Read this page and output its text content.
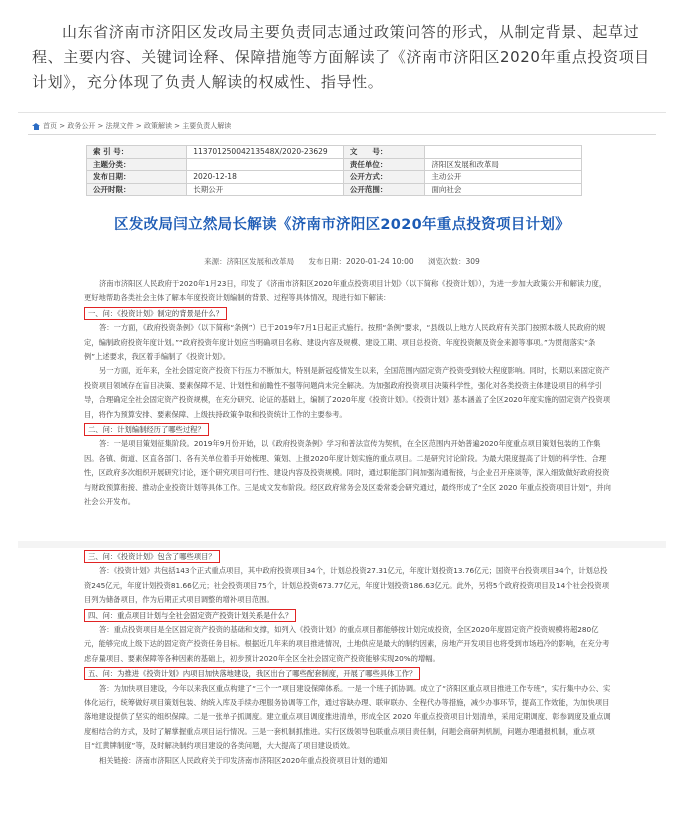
山东省济南市济阳区发改局主要负责同志通过政策问答的形式，从制定背景、起草过程、主要内容、关键词诠释、保障措施等方面解读了《济南市济阳区2020年重点投资项目计划》，充分体现了负责人解读的权威性、指导性。
首页 > 政务公开 > 法规文件 > 政策解读 > 主要负责人解读
索 引 号：	11370125004213548X/2020-23629	文　　号：	
主题分类：		责任单位：	济阳区发展和改革局
发布日期：	2020-12-18	公开方式：	主动公开
公开时限：	长期公开	公开范围：	面向社会
区发改局闫立然局长解读《济南市济阳区2020年重点投资项目计划》
来源：济阳区发展和改革局 发布日期：2020-01-24 10:00 浏览次数：309

济南市济阳区人民政府于2020年1月23日，印发了《济南市济阳区2020年重点投资项目计划》（以下简称《投资计划》），为进一步加大政策公开和解读力度，更好地帮助各类社会主体了解本年度投资计划编制的背景、过程等具体情况，现进行如下解读：

一、问：《投资计划》制定的背景是什么？

答：一方面，《政府投资条例》（以下简称“条例”）已于2019年7月1日起正式施行。按照“条例”要求，“县级以上地方人民政府有关部门按照本级人民政府的规定，编制政府投资年度计划。”“政府投资年度计划应当明确项目名称、建设内容及规模、建设工期、项目总投资、年度投资额及资金来源等事项。”为贯彻落实“条例”上述要求，我区着手编制了《投资计划》。

另一方面，近年来，全社会固定资产投资下行压力不断加大，特别是新冠疫情发生以来，全国范围内固定资产投资受到较大程度影响。同时，长期以来固定资产投资项目领域存在盲目决策、要素保障不足、计划性和前瞻性不强等问题尚未完全解决。为加强政府投资项目决策科学性，强化对各类投资主体建设项目的科学引导，合理确定全社会固定资产投资规模，在充分研究、论证的基础上，编制了2020年度《投资计划》。《投资计划》基本涵盖了全区2020年度实施的固定资产投资项目，将作为预算安排、要素保障、上级扶持政策争取和投资统计工作的主要参考。

二、问：计划编制经历了哪些过程？

答：一是项目策划征集阶段。2019年9月份开始，以《政府投资条例》学习和普法宣传为契机，在全区范围内开始普遍2020年度重点项目策划包装的工作集因。各镇、街道、区直各部门、各有关单位着手开始梳理、策划、上报2020年度计划实施的重点项目。二是研究讨论阶段。为最大限度提高了计划的科学性、合理性，区政府多次组织开展研究讨论，逐个研究项目可行性、建设内容及投资规模。同时，通过职能部门间加强沟通衔接，与企业召开座谈等，深入细致做好政府投资与财政预算衔接、推动企业投资计划等具体工作。三是成文发布阶段。经区政府常务会及区委常委会研究通过，最终形成了“全区 2020 年重点投资项目计划”，并向社会公开发布。

三、问：《投资计划》包含了哪些项目？

答：《投资计划》共包括143个正式重点项目，其中政府投资项目34个，计划总投资27.31亿元，年度计划投资13.76亿元；国资平台投资项目34个，计划总投资245亿元，年度计划投资81.66亿元；社会投资项目75个，计划总投资673.77亿元，年度计划投资186.63亿元。此外，另将5个政府投资项目及14个社会投资项目列为储备项目，作为后期正式项目调整的增补项目范围。

四、问：重点项目计划与全社会固定资产投资计划关系是什么？

答：重点投资项目是全区固定资产投资的基础和支撑，如列入《投资计划》的重点项目都能够按计划完成投资，全区2020年度固定资产投资规模将超280亿元，能够完成上级下达的固定资产投资任务目标。根据近几年来的项目推进情况，土地供应是最大的制约因素，房地产开发项目也将受到市场趋冷的影响，在充分考虑存量项目、要素保障等各种因素的基础上，初步预计2020年全区全社会固定资产投资能够实现20%的增幅。

五、问：为推进《投资计划》内项目加快落地建设，我区出台了哪些配套制度，开展了哪些具体工作？

答：为加快项目建设，今年以来我区重点构建了“三个一”项目建设保障体系。一是一个班子抓协调。成立了“济阳区重点项目推进工作专班”，实行集中办公、实体化运行，统筹做好项目策划包装、纳统入库及手续办理服务协调等工作，通过容缺办理、联审联办、全程代办等措施，减少办事环节，提高工作效能，为加快项目落地建设提供了坚实的组织保障。二是一张单子抓调度。建立重点项目调度推进清单，形成全区 2020 年重点投资项目计划清单，采用定期调度、彰参调度及重点调度相结合的方式，及时了解掌握重点项目运行情况。三是一套机制抓推进。实行区级领导包联重点项目责任制，问题会商研判机制，问题办理通报机制，重点项目“红黄牌制度”等，及时解决制约项目建设的各类问题，大大提高了项目建设质效。

相关链接：济南市济阳区人民政府关于印发济南市济阳区2020年重点投资项目计划的通知
